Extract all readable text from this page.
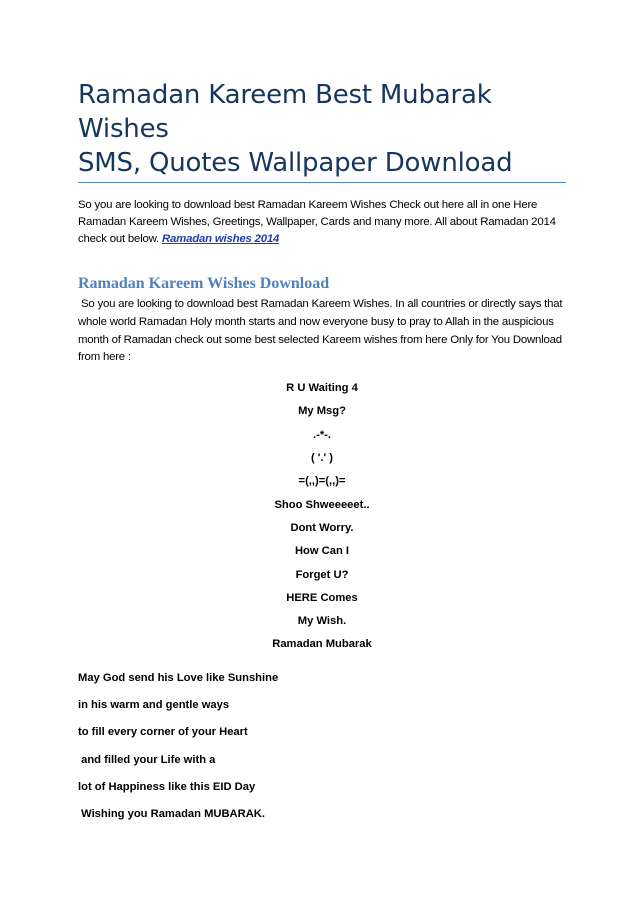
Ramadan Kareem Best Mubarak Wishes
SMS, Quotes Wallpaper Download

So you are looking to download best Ramadan Kareem Wishes Check out here all in one Here Ramadan Kareem Wishes, Greetings, Wallpaper, Cards and many more. All about Ramadan 2014 check out below. Ramadan wishes 2014

Ramadan Kareem Wishes Download

So you are looking to download best Ramadan Kareem Wishes. In all countries or directly says that whole world Ramadan Holy month starts and now everyone busy to pray to Allah in the auspicious month of Ramadan check out some best selected Kareem wishes from here Only for You Download from here :

R U Waiting 4
My Msg?
.-*-.
( '.' )
=(,,)=(,,)=
Shoo Shweeeeet..
Dont Worry.
How Can I
Forget U?
HERE Comes
My Wish.
Ramadan Mubarak
May God send his Love like Sunshine
in his warm and gentle ways
to fill every corner of your Heart
and filled your Life with a
lot of Happiness like this EID Day
Wishing you Ramadan MUBARAK.
